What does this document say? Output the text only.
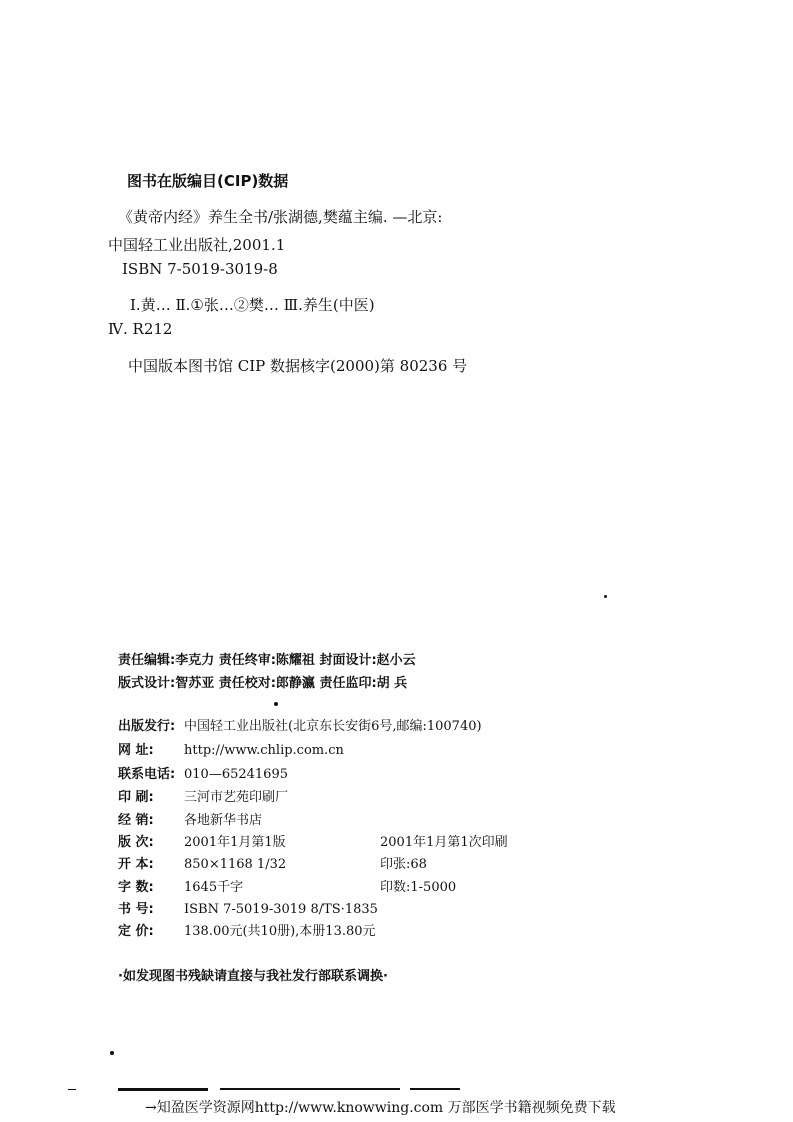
图书在版编目(CIP)数据
《黄帝内经》养生全书/张湖德,樊蕴主编. —北京:
中国轻工业出版社,2001.1
ISBN 7-5019-3019-8
Ⅰ.黄… Ⅱ.①张…②樊… Ⅲ.养生(中医)
Ⅳ. R212
中国版本图书馆 CIP 数据核字(2000)第 80236 号
责任编辑:李克力 责任终审:陈耀祖 封面设计:赵小云
版式设计:智苏亚 责任校对:郎静瀛 责任监印:胡 兵
出版发行: 中国轻工业出版社(北京东长安街6号,邮编:100740)
网 址: http://www.chlip.com.cn
联系电话: 010—65241695
印 刷: 三河市艺苑印刷厂
经 销: 各地新华书店
版 次: 2001年1月第1版	2001年1月第1次印刷
开 本: 850×1168 1/32	印张:68
字 数: 1645千字	印数:1-5000
书 号: ISBN 7-5019-3019 8/TS·1835
定 价: 138.00元(共10册),本册13.80元
·如发现图书残缺请直接与我社发行部联系调换·
→知盈医学资源网http://www.knowwing.com 万部医学书籍视频免费下载
